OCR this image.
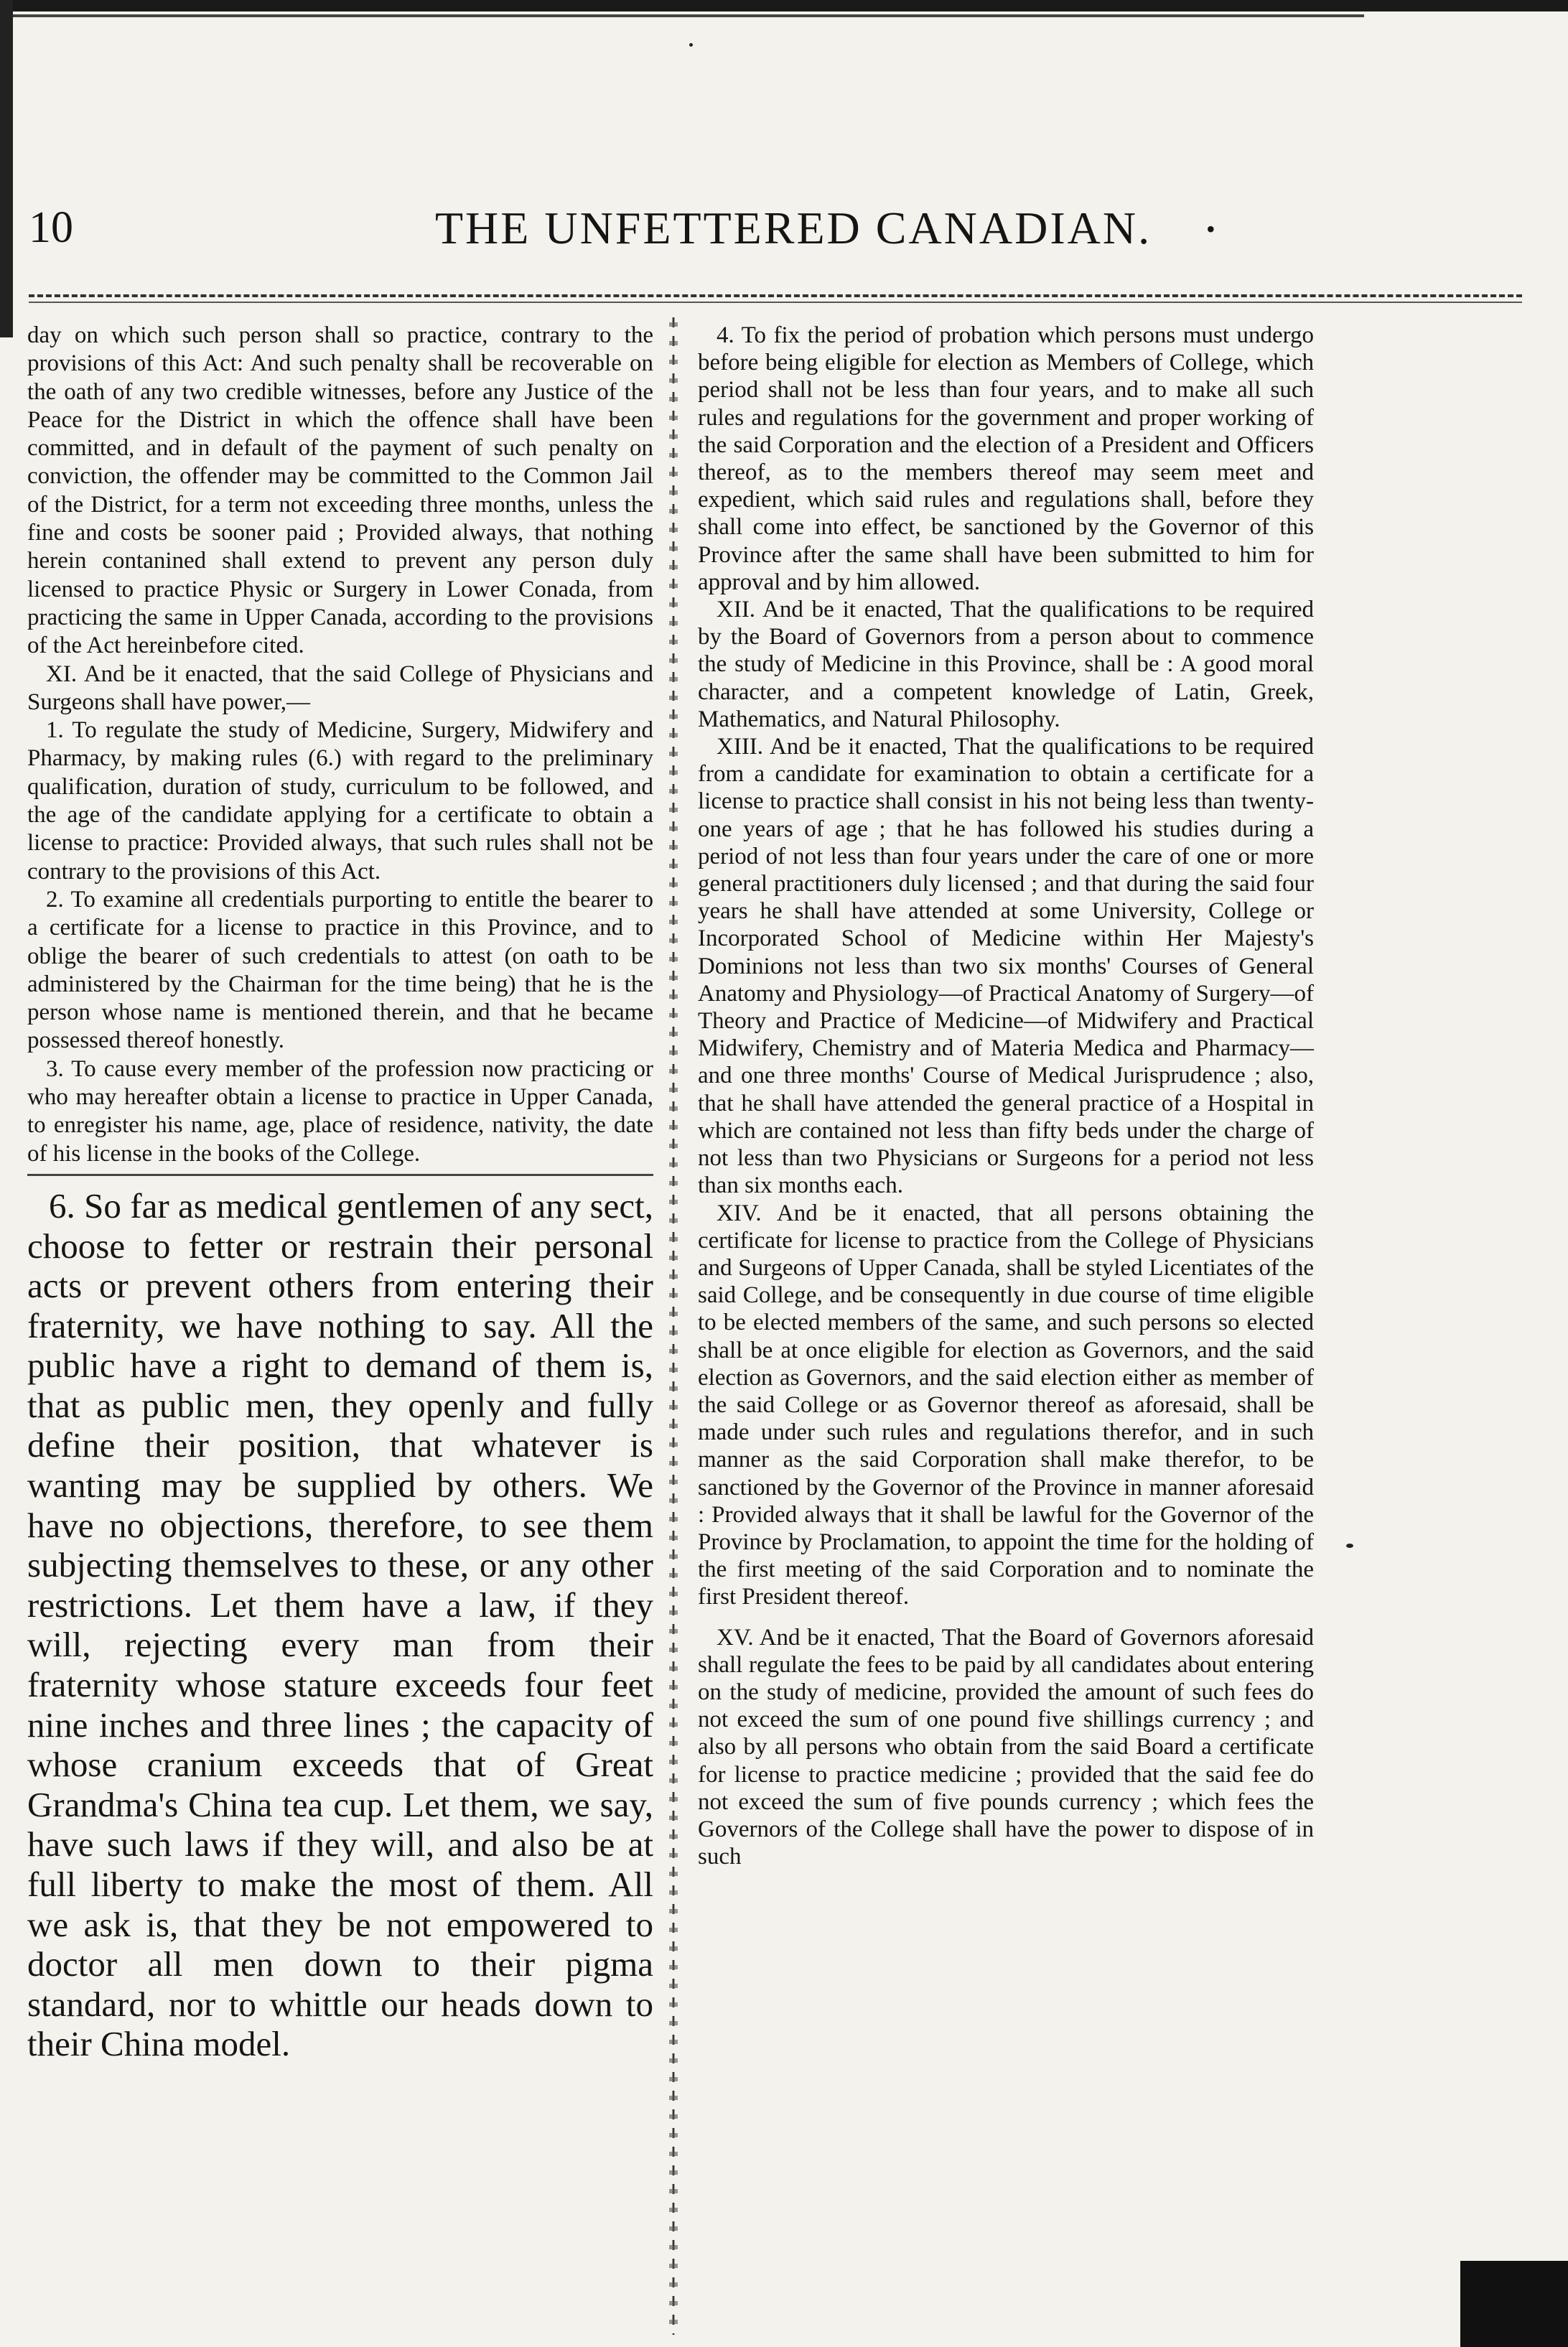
10	THE UNFETTERED CANADIAN.	•

day on which such person shall so practice, contrary to the provisions of this Act: And such penalty shall be recoverable on the oath of any two credible witnesses, before any Justice of the Peace for the District in which the offence shall have been committed, and in default of the payment of such penalty on conviction, the offender may be committed to the Common Jail of the District, for a term not exceeding three months, unless the fine and costs be sooner paid ; Provided always, that nothing herein contanined shall extend to prevent any person duly licensed to practice Physic or Surgery in Lower Conada, from practicing the same in Upper Canada, according to the provisions of the Act hereinbefore cited.

XI. And be it enacted, that the said College of Physicians and Surgeons shall have power,—

1. To regulate the study of Medicine, Surgery, Midwifery and Pharmacy, by making rules (6.) with regard to the preliminary qualification, duration of study, curriculum to be followed, and the age of the candidate applying for a certificate to obtain a license to practice: Provided always, that such rules shall not be contrary to the provisions of this Act.

2. To examine all credentials purporting to entitle the bearer to a certificate for a license to practice in this Province, and to oblige the bearer of such credentials to attest (on oath to be administered by the Chairman for the time being) that he is the person whose name is mentioned therein, and that he became possessed thereof honestly.

3. To cause every member of the profession now practicing or who may hereafter obtain a license to practice in Upper Canada, to enregister his name, age, place of residence, nativity, the date of his license in the books of the College.

6. So far as medical gentlemen of any sect, choose to fetter or restrain their personal acts or prevent others from entering their fraternity, we have nothing to say. All the public have a right to demand of them is, that as public men, they openly and fully define their position, that whatever is wanting may be supplied by others. We have no objections, therefore, to see them subjecting themselves to these, or any other restrictions. Let them have a law, if they will, rejecting every man from their fraternity whose stature exceeds four feet nine inches and three lines ; the capacity of whose cranium exceeds that of Great Grandma's China tea cup. Let them, we say, have such laws if they will, and also be at full liberty to make the most of them. All we ask is, that they be not empowered to doctor all men down to their pigma standard, nor to whittle our heads down to their China model.

4. To fix the period of probation which persons must undergo before being eligible for election as Members of College, which period shall not be less than four years, and to make all such rules and regulations for the government and proper working of the said Corporation and the election of a President and Officers thereof, as to the members thereof may seem meet and expedient, which said rules and regulations shall, before they shall come into effect, be sanctioned by the Governor of this Province after the same shall have been submitted to him for approval and by him allowed.

XII. And be it enacted, That the qualifications to be required by the Board of Governors from a person about to commence the study of Medicine in this Province, shall be : A good moral character, and a competent knowledge of Latin, Greek, Mathematics, and Natural Philosophy.

XIII. And be it enacted, That the qualifications to be required from a candidate for examination to obtain a certificate for a license to practice shall consist in his not being less than twenty-one years of age ; that he has followed his studies during a period of not less than four years under the care of one or more general practitioners duly licensed ; and that during the said four years he shall have attended at some University, College or Incorporated School of Medicine within Her Majesty's Dominions not less than two six months' Courses of General Anatomy and Physiology—of Practical Anatomy of Surgery—of Theory and Practice of Medicine—of Midwifery and Practical Midwifery, Chemistry and of Materia Medica and Pharmacy—and one three months' Course of Medical Jurisprudence ; also, that he shall have attended the general practice of a Hospital in which are contained not less than fifty beds under the charge of not less than two Physicians or Surgeons for a period not less than six months each.

XIV. And be it enacted, that all persons obtaining the certificate for license to practice from the College of Physicians and Surgeons of Upper Canada, shall be styled Licentiates of the said College, and be consequently in due course of time eligible to be elected members of the same, and such persons so elected shall be at once eligible for election as Governors, and the said election as Governors, and the said election either as member of the said College or as Governor thereof as aforesaid, shall be made under such rules and regulations therefor, and in such manner as the said Corporation shall make therefor, to be sanctioned by the Governor of the Province in manner aforesaid : Provided always that it shall be lawful for the Governor of the Province by Proclamation, to appoint the time for the holding of the first meeting of the said Corporation and to nominate the first President thereof.

XV. And be it enacted, That the Board of Governors aforesaid shall regulate the fees to be paid by all candidates about entering on the study of medicine, provided the amount of such fees do not exceed the sum of one pound five shillings currency ; and also by all persons who obtain from the said Board a certificate for license to practice medicine ; provided that the said fee do not exceed the sum of five pounds currency ; which fees the Governors of the College shall have the power to dispose of in such
